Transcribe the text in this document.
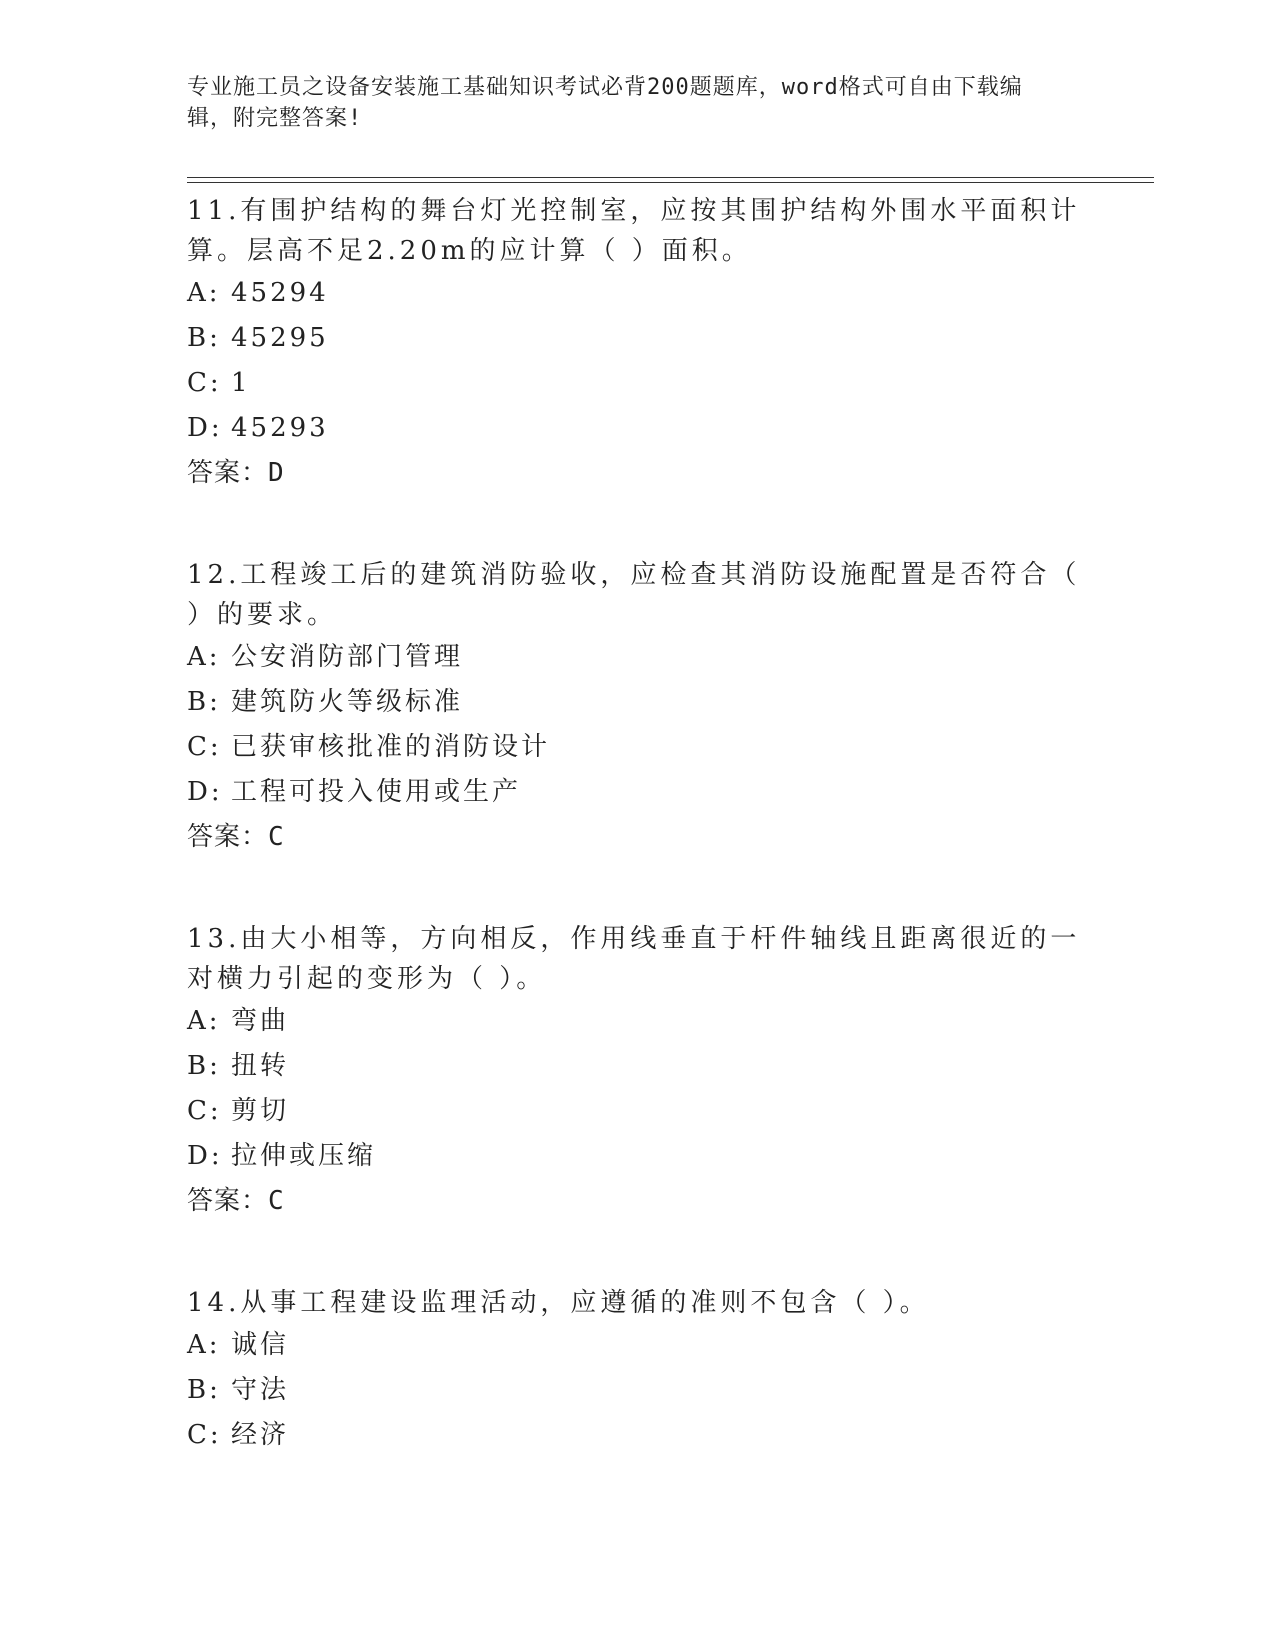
专业施工员之设备安装施工基础知识考试必背200题题库，word格式可自由下载编辑，附完整答案!

11.有围护结构的舞台灯光控制室，应按其围护结构外围水平面积计算。层高不足2.20m的应计算（ ）面积。

A: 45294
B: 45295
C: 1
D: 45293
答案：D

12.工程竣工后的建筑消防验收，应检查其消防设施配置是否符合（ ）的要求。

A: 公安消防部门管理
B: 建筑防火等级标准
C: 已获审核批准的消防设计
D: 工程可投入使用或生产
答案：C

13.由大小相等，方向相反，作用线垂直于杆件轴线且距离很近的一对横力引起的变形为（ ）。

A: 弯曲
B: 扭转
C: 剪切
D: 拉伸或压缩
答案：C

14.从事工程建设监理活动，应遵循的准则不包含（ ）。

A: 诚信
B: 守法
C: 经济
